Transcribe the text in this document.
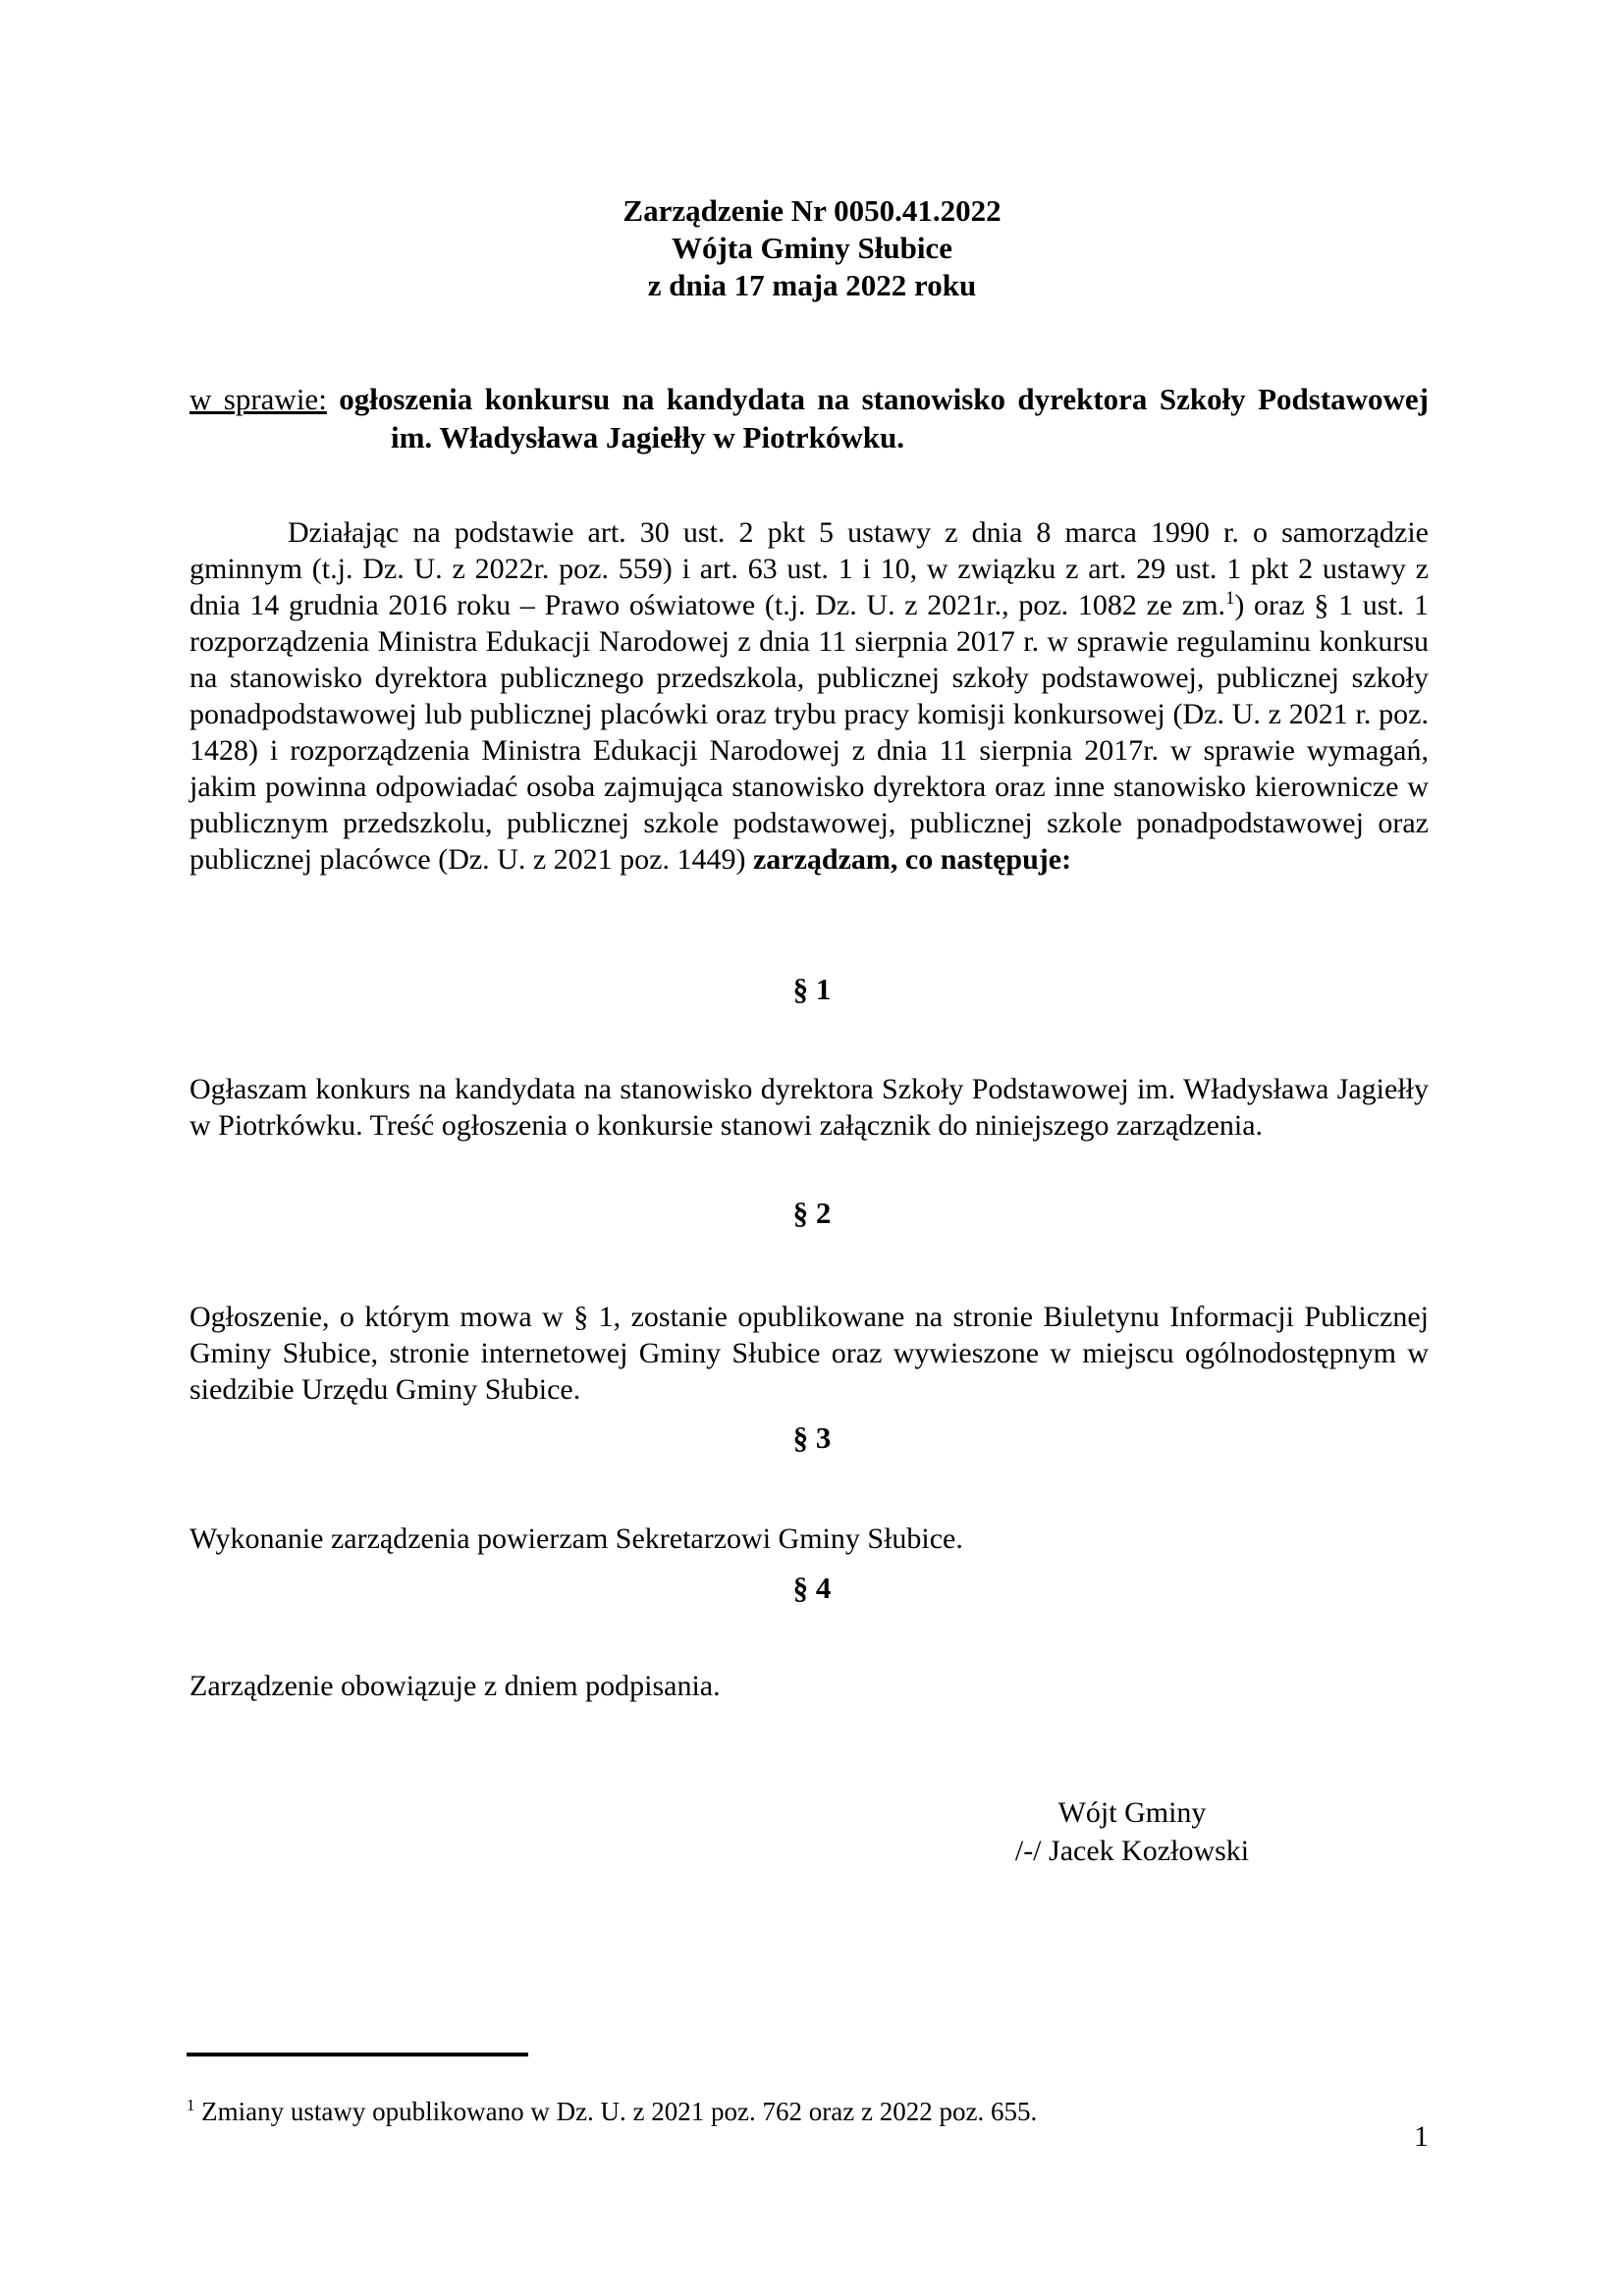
Zarządzenie Nr 0050.41.2022
Wójta Gminy Słubice
z dnia 17 maja 2022 roku

w sprawie: ogłoszenia konkursu na kandydata na stanowisko dyrektora Szkoły Podstawowej im. Władysława Jagiełły w Piotrkówku.

Działając na podstawie art. 30 ust. 2 pkt 5 ustawy z dnia 8 marca 1990 r. o samorządzie gminnym (t.j. Dz. U. z 2022r. poz. 559) i art. 63 ust. 1 i 10, w związku z art. 29 ust. 1 pkt 2 ustawy z dnia 14 grudnia 2016 roku – Prawo oświatowe (t.j. Dz. U. z 2021r., poz. 1082 ze zm.$^1$) oraz § 1 ust. 1 rozporządzenia Ministra Edukacji Narodowej z dnia 11 sierpnia 2017 r. w sprawie regulaminu konkursu na stanowisko dyrektora publicznego przedszkola, publicznej szkoły podstawowej, publicznej szkoły ponadpodstawowej lub publicznej placówki oraz trybu pracy komisji konkursowej (Dz. U. z 2021 r. poz. 1428) i rozporządzenia Ministra Edukacji Narodowej z dnia 11 sierpnia 2017r. w sprawie wymagań, jakim powinna odpowiadać osoba zajmująca stanowisko dyrektora oraz inne stanowisko kierownicze w publicznym przedszkolu, publicznej szkole podstawowej, publicznej szkole ponadpodstawowej oraz publicznej placówce (Dz. U. z 2021 poz. 1449) zarządzam, co następuje:

§ 1

Ogłaszam konkurs na kandydata na stanowisko dyrektora Szkoły Podstawowej im. Władysława Jagiełły w Piotrkówku. Treść ogłoszenia o konkursie stanowi załącznik do niniejszego zarządzenia.

§ 2

Ogłoszenie, o którym mowa w § 1, zostanie opublikowane na stronie Biuletynu Informacji Publicznej Gminy Słubice, stronie internetowej Gminy Słubice oraz wywieszone w miejscu ogólnodostępnym w siedzibie Urzędu Gminy Słubice.

§ 3

Wykonanie zarządzenia powierzam Sekretarzowi Gminy Słubice.

§ 4

Zarządzenie obowiązuje z dniem podpisania.

Wójt Gminy
/-/ Jacek Kozłowski

$^1$ Zmiany ustawy opublikowano w Dz. U. z 2021 poz. 762 oraz z 2022 poz. 655.

1
